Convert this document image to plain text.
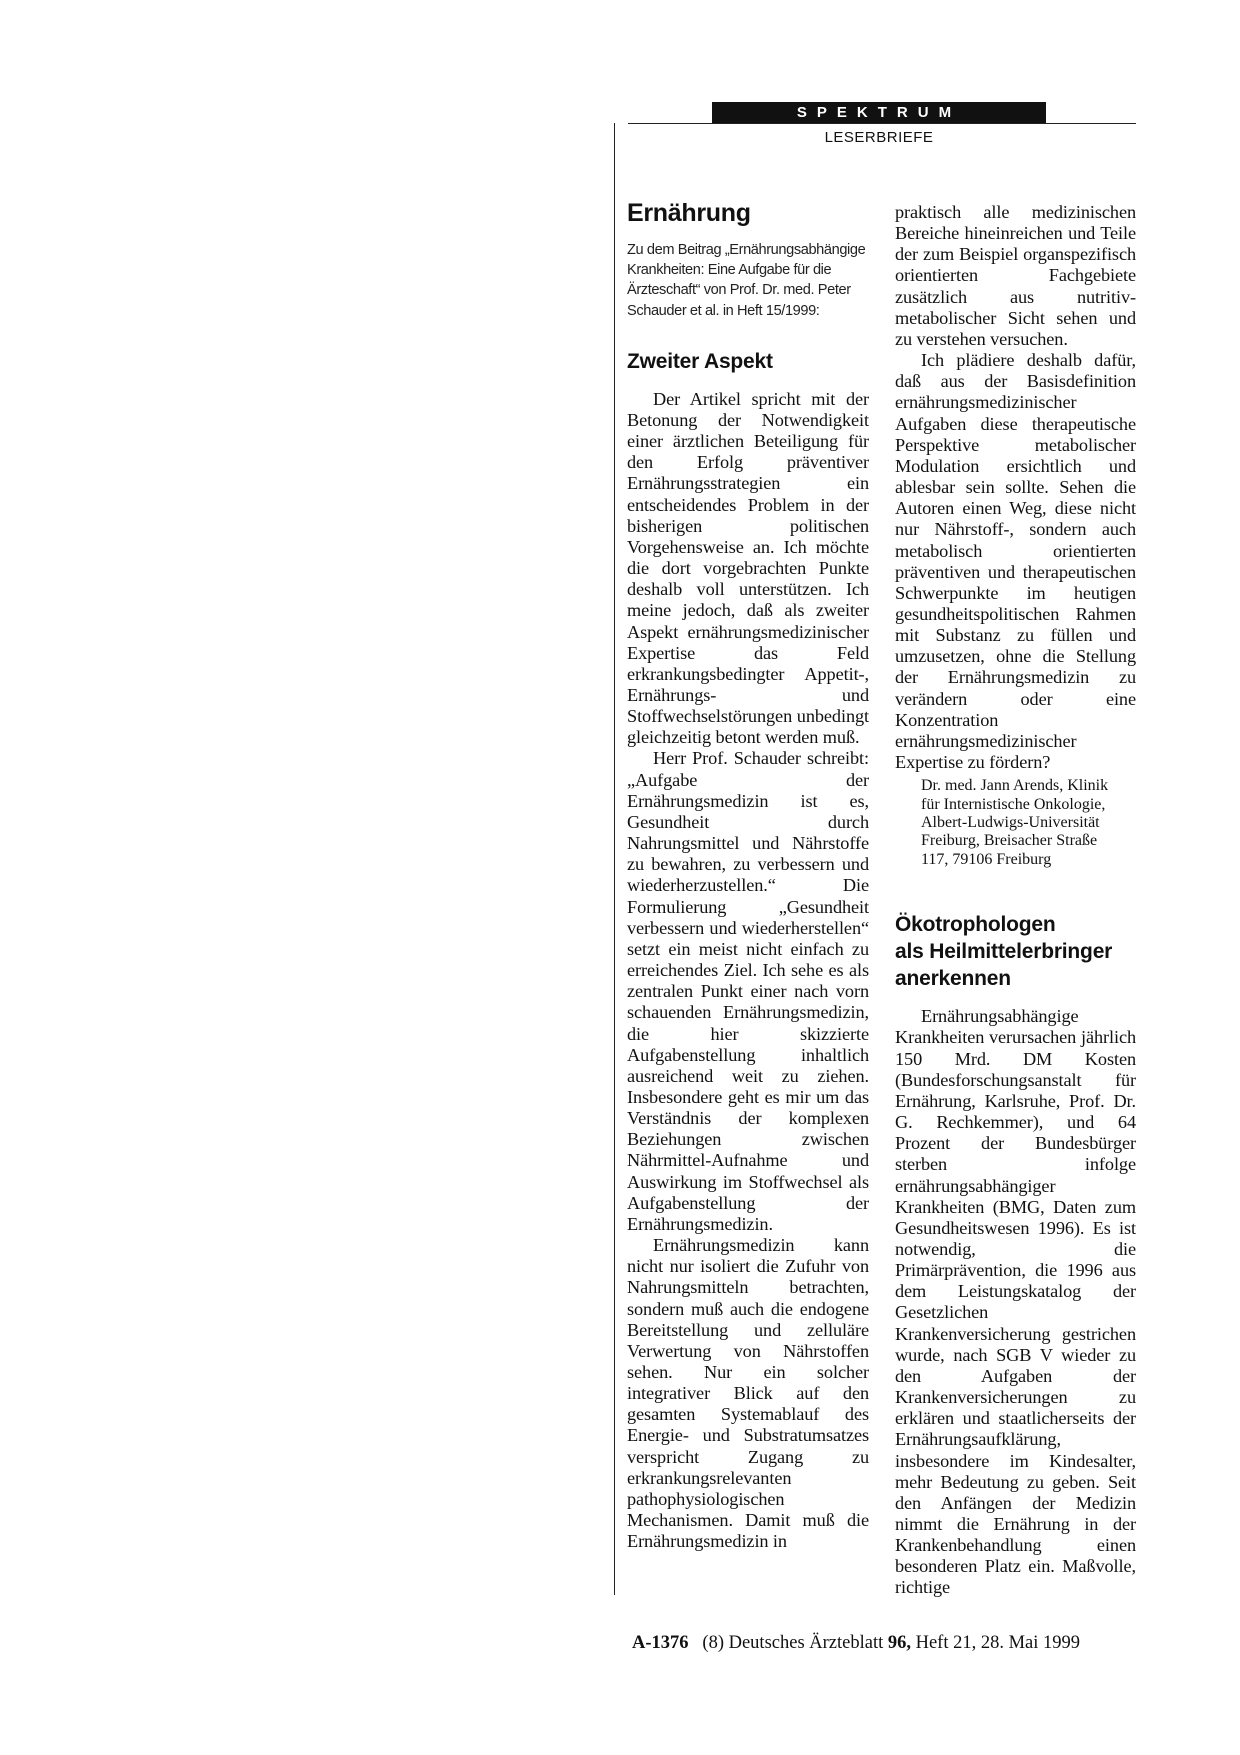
SPEKTRUM
LESERBRIEFE
Ernährung

Zu dem Beitrag „Ernährungsabhängige Krankheiten: Eine Aufgabe für die Ärzteschaft“ von Prof. Dr. med. Peter Schauder et al. in Heft 15/1999:

Zweiter Aspekt

Der Artikel spricht mit der Betonung der Notwendigkeit einer ärztlichen Beteiligung für den Erfolg präventiver Ernährungsstrategien ein entscheidendes Problem in der bisherigen politischen Vorgehensweise an. Ich möchte die dort vorgebrachten Punkte deshalb voll unterstützen. Ich meine jedoch, daß als zweiter Aspekt ernährungsmedizinischer Expertise das Feld erkrankungsbedingter Appetit-, Ernährungs- und Stoffwechselstörungen unbedingt gleichzeitig betont werden muß.

Herr Prof. Schauder schreibt: „Aufgabe der Ernährungsmedizin ist es, Gesundheit durch Nahrungsmittel und Nährstoffe zu bewahren, zu verbessern und wiederherzustellen.“ Die Formulierung „Gesundheit verbessern und wiederherstellen“ setzt ein meist nicht einfach zu erreichendes Ziel. Ich sehe es als zentralen Punkt einer nach vorn schauenden Ernährungsmedizin, die hier skizzierte Aufgabenstellung inhaltlich ausreichend weit zu ziehen. Insbesondere geht es mir um das Verständnis der komplexen Beziehungen zwischen Nährmittel-Aufnahme und Auswirkung im Stoffwechsel als Aufgabenstellung der Ernährungsmedizin.

Ernährungsmedizin kann nicht nur isoliert die Zufuhr von Nahrungsmitteln betrachten, sondern muß auch die endogene Bereitstellung und zelluläre Verwertung von Nährstoffen sehen. Nur ein solcher integrativer Blick auf den gesamten Systemablauf des Energie- und Substratumsatzes verspricht Zugang zu erkrankungsrelevanten pathophysiologischen Mechanismen. Damit muß die Ernährungsmedizin in

praktisch alle medizinischen Bereiche hineinreichen und Teile der zum Beispiel organspezifisch orientierten Fachgebiete zusätzlich aus nutritiv-metabolischer Sicht sehen und zu verstehen versuchen.

Ich plädiere deshalb dafür, daß aus der Basisdefinition ernährungsmedizinischer Aufgaben diese therapeutische Perspektive metabolischer Modulation ersichtlich und ablesbar sein sollte. Sehen die Autoren einen Weg, diese nicht nur Nährstoff-, sondern auch metabolisch orientierten präventiven und therapeutischen Schwerpunkte im heutigen gesundheitspolitischen Rahmen mit Substanz zu füllen und umzusetzen, ohne die Stellung der Ernährungsmedizin zu verändern oder eine Konzentration ernährungsmedizinischer Expertise zu fördern?

Dr. med. Jann Arends, Klinik
für Internistische Onkologie,
Albert-Ludwigs-Universität
Freiburg, Breisacher Straße
117, 79106 Freiburg

Ökotrophologen
als Heilmittelerbringer
anerkennen

Ernährungsabhängige Krankheiten verursachen jährlich 150 Mrd. DM Kosten (Bundesforschungsanstalt für Ernährung, Karlsruhe, Prof. Dr. G. Rechkemmer), und 64 Prozent der Bundesbürger sterben infolge ernährungsabhängiger Krankheiten (BMG, Daten zum Gesundheitswesen 1996). Es ist notwendig, die Primärprävention, die 1996 aus dem Leistungskatalog der Gesetzlichen Krankenversicherung gestrichen wurde, nach SGB V wieder zu den Aufgaben der Krankenversicherungen zu erklären und staatlicherseits der Ernährungsaufklärung, insbesondere im Kindesalter, mehr Bedeutung zu geben. Seit den Anfängen der Medizin nimmt die Ernährung in der Krankenbehandlung einen besonderen Platz ein. Maßvolle, richtige

A-1376 (8) Deutsches Ärzteblatt 96, Heft 21, 28. Mai 1999
